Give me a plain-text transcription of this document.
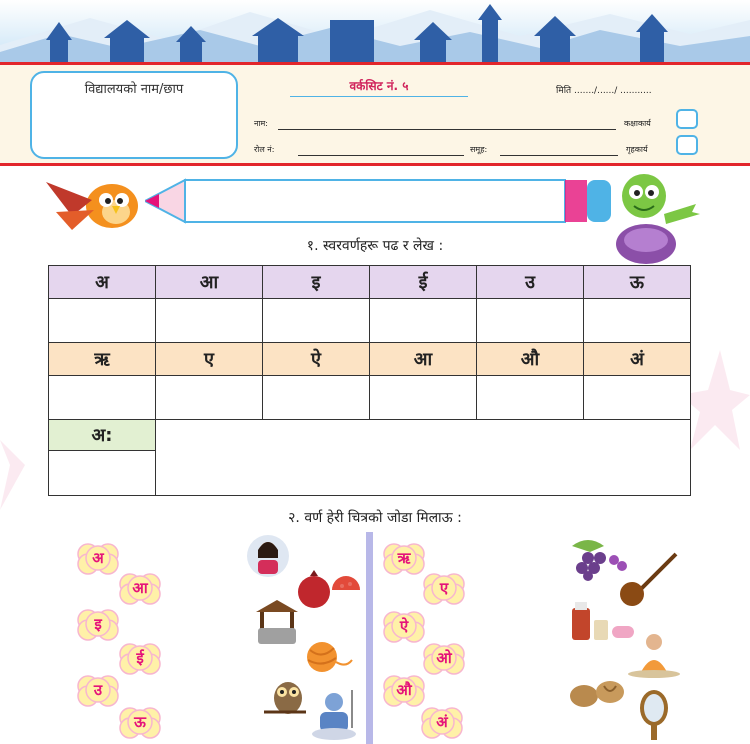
विद्यालयको नाम/छाप	वर्कसिट नं. ५	मिति ......./....../ ...........
नाम:	कक्षाकार्य
रोल नं:	समूह:	गृहकार्य
१. स्वरवर्णहरू पढ र लेख :
अ	आ	इ	ई	उ	ऊ

ऋ	ए	ऐ	आ	औ	अं

अ:					

२. वर्ण हेरी चित्रको जोडा मिलाऊ :
अ
आ
इ
ई
उ
ऊ
ऋ
ए
ऐ
ओ
औ
अं
